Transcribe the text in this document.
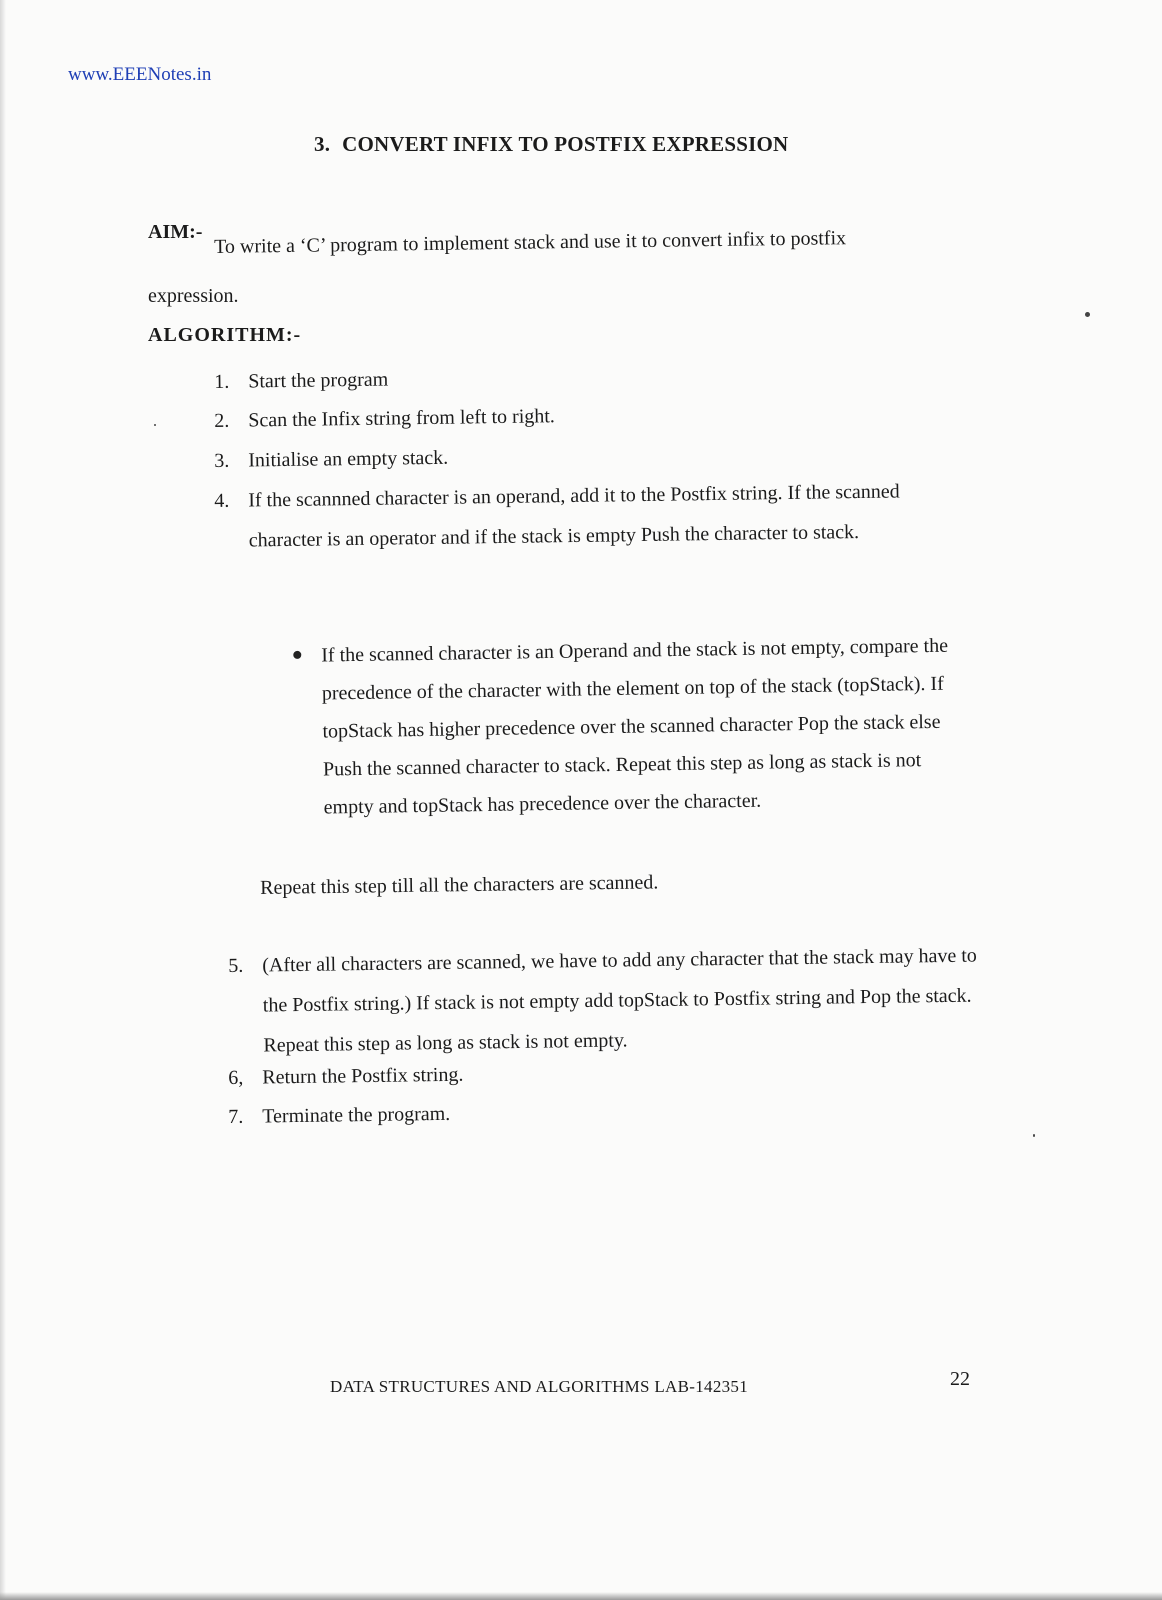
www.EEENotes.in
3. CONVERT INFIX TO POSTFIX EXPRESSION
AIM:- To write a ‘C’ program to implement stack and use it to convert infix to postfix
expression.
ALGORITHM:-
1. Start the program
2. Scan the Infix string from left to right.
3. Initialise an empty stack.
4. If the scannned character is an operand, add it to the Postfix string. If the scanned character is an operator and if the stack is empty Push the character to stack.
If the scanned character is an Operand and the stack is not empty, compare the precedence of the character with the element on top of the stack (topStack). If topStack has higher precedence over the scanned character Pop the stack else Push the scanned character to stack. Repeat this step as long as stack is not empty and topStack has precedence over the character.
Repeat this step till all the characters are scanned.
5. (After all characters are scanned, we have to add any character that the stack may have to the Postfix string.) If stack is not empty add topStack to Postfix string and Pop the stack. Repeat this step as long as stack is not empty.
6, Return the Postfix string.
7. Terminate the program.
DATA STRUCTURES AND ALGORITHMS LAB-142351	22
